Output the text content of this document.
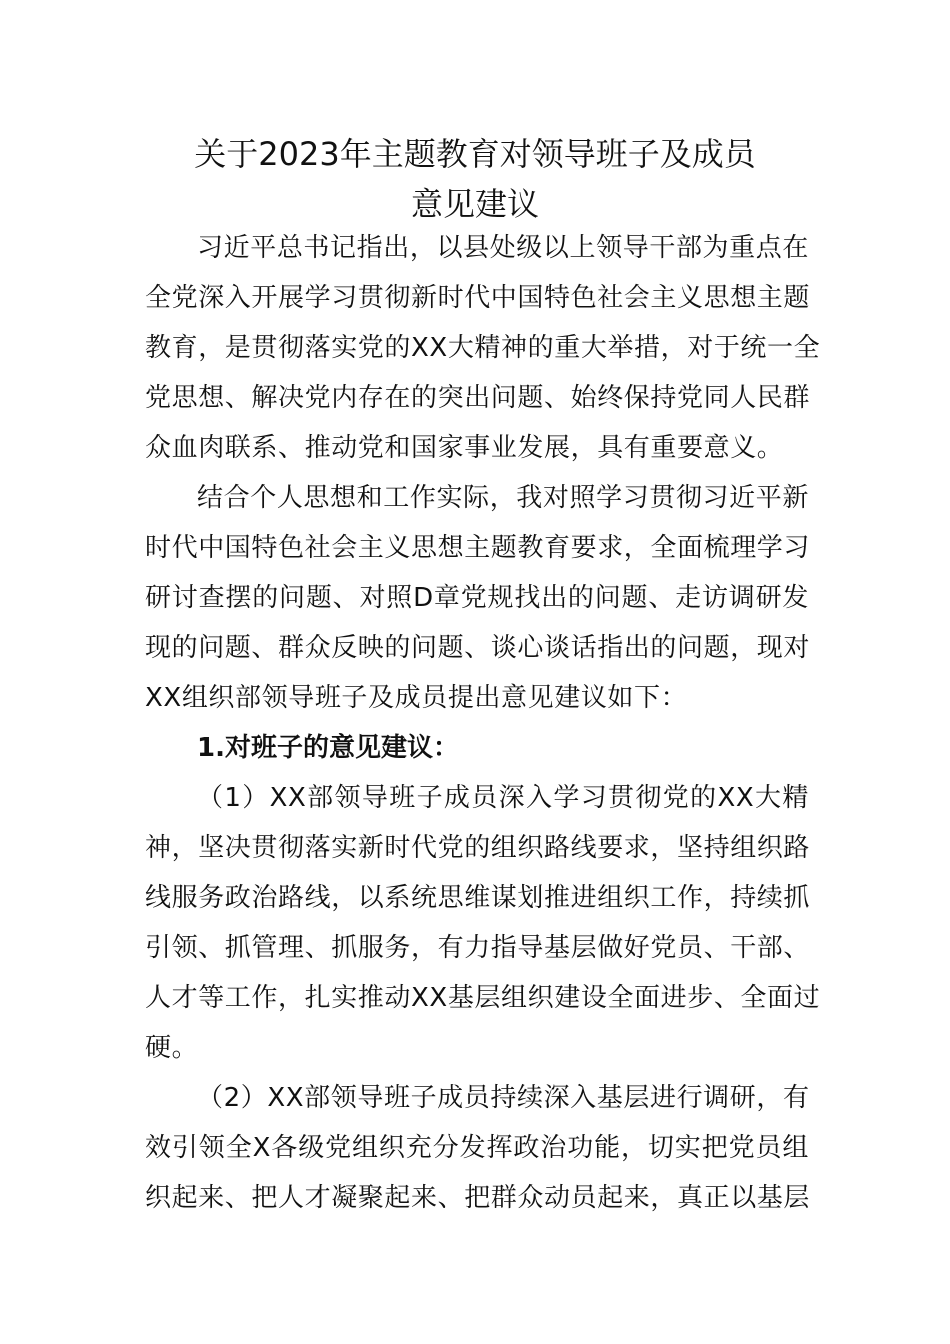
关于2023年主题教育对领导班子及成员
意见建议
习近平总书记指出，以县处级以上领导干部为重点在
全党深入开展学习贯彻新时代中国特色社会主义思想主题
教育，是贯彻落实党的XX大精神的重大举措，对于统一全
党思想、解决党内存在的突出问题、始终保持党同人民群
众血肉联系、推动党和国家事业发展，具有重要意义。
结合个人思想和工作实际，我对照学习贯彻习近平新
时代中国特色社会主义思想主题教育要求，全面梳理学习
研讨查摆的问题、对照D章党规找出的问题、走访调研发
现的问题、群众反映的问题、谈心谈话指出的问题，现对
XX组织部领导班子及成员提出意见建议如下：
1.对班子的意见建议：
（1）XX部领导班子成员深入学习贯彻党的XX大精
神，坚决贯彻落实新时代党的组织路线要求，坚持组织路
线服务政治路线，以系统思维谋划推进组织工作，持续抓
引领、抓管理、抓服务，有力指导基层做好党员、干部、
人才等工作，扎实推动XX基层组织建设全面进步、全面过
硬。
（2）XX部领导班子成员持续深入基层进行调研，有
效引领全X各级党组织充分发挥政治功能，切实把党员组
织起来、把人才凝聚起来、把群众动员起来，真正以基层
